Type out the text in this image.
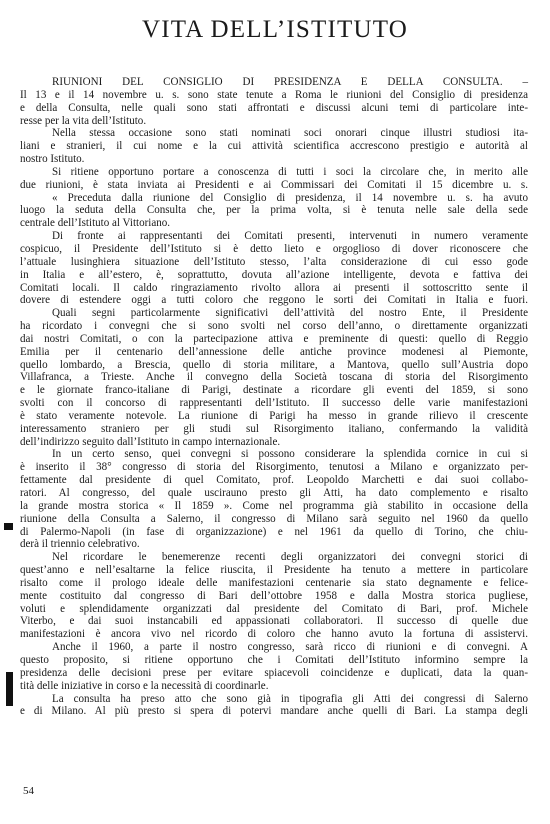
VITA DELL’ISTITUTO
RIUNIONI DEL CONSIGLIO DI PRESIDENZA E DELLA CONSULTA. –
Il 13 e il 14 novembre u. s. sono state tenute a Roma le riunioni del Consiglio di presidenza
e della Consulta, nelle quali sono stati affrontati e discussi alcuni temi di particolare inte-
resse per la vita dell’Istituto.
Nella stessa occasione sono stati nominati soci onorari cinque illustri studiosi ita-
liani e stranieri, il cui nome e la cui attività scientifica accrescono prestigio e autorità al
nostro Istituto.
Si ritiene opportuno portare a conoscenza di tutti i soci la circolare che, in merito alle
due riunioni, è stata inviata ai Presidenti e ai Commissari dei Comitati il 15 dicembre u. s.
« Preceduta dalla riunione del Consiglio di presidenza, il 14 novembre u. s. ha avuto
luogo la seduta della Consulta che, per la prima volta, si è tenuta nelle sale della sede
centrale dell’Istituto al Vittoriano.
Di fronte ai rappresentanti dei Comitati presenti, intervenuti in numero veramente
cospicuo, il Presidente dell’Istituto si è detto lieto e orgoglioso di dover riconoscere che
l’attuale lusinghiera situazione dell’Istituto stesso, l’alta considerazione di cui esso gode
in Italia e all’estero, è, soprattutto, dovuta all’azione intelligente, devota e fattiva dei
Comitati locali. Il caldo ringraziamento rivolto allora ai presenti il sottoscritto sente il
dovere di estendere oggi a tutti coloro che reggono le sorti dei Comitati in Italia e fuori.
Quali segni particolarmente significativi dell’attività del nostro Ente, il Presidente
ha ricordato i convegni che si sono svolti nel corso dell’anno, o direttamente organizzati
dai nostri Comitati, o con la partecipazione attiva e preminente di questi: quello di Reggio
Emilia per il centenario dell’annessione delle antiche province modenesi al Piemonte,
quello lombardo, a Brescia, quello di storia militare, a Mantova, quello sull’Austria dopo
Villafranca, a Trieste. Anche il convegno della Società toscana di storia del Risorgimento
e le giornate franco-italiane di Parigi, destinate a ricordare gli eventi del 1859, si sono
svolti con il concorso di rappresentanti dell’Istituto. Il successo delle varie manifestazioni
è stato veramente notevole. La riunione di Parigi ha messo in grande rilievo il crescente
interessamento straniero per gli studi sul Risorgimento italiano, confermando la validità
dell’indirizzo seguito dall’Istituto in campo internazionale.
In un certo senso, quei convegni si possono considerare la splendida cornice in cui si
è inserito il 38° congresso di storia del Risorgimento, tenutosi a Milano e organizzato per-
fettamente dal presidente di quel Comitato, prof. Leopoldo Marchetti e dai suoi collabo-
ratori. Al congresso, del quale uscirauno presto gli Atti, ha dato complemento e risalto
la grande mostra storica « Il 1859 ». Come nel programma già stabilito in occasione della
riunione della Consulta a Salerno, il congresso di Milano sarà seguito nel 1960 da quello
di Palermo-Napoli (in fase di organizzazione) e nel 1961 da quello di Torino, che chiu-
derà il triennio celebrativo.
Nel ricordare le benemerenze recenti degli organizzatori dei convegni storici di
quest’anno e nell’esaltarne la felice riuscita, il Presidente ha tenuto a mettere in particolare
risalto come il prologo ideale delle manifestazioni centenarie sia stato degnamente e felice-
mente costituito dal congresso di Bari dell’ottobre 1958 e dalla Mostra storica pugliese,
voluti e splendidamente organizzati dal presidente del Comitato di Bari, prof. Michele
Viterbo, e dai suoi instancabili ed appassionati collaboratori. Il successo di quelle due
manifestazioni è ancora vivo nel ricordo di coloro che hanno avuto la fortuna di assistervi.
Anche il 1960, a parte il nostro congresso, sarà ricco di riunioni e di convegni. A
questo proposito, si ritiene opportuno che i Comitati dell’Istituto informino sempre la
presidenza delle decisioni prese per evitare spiacevoli coincidenze e duplicati, data la quan-
tità delle iniziative in corso e la necessità di coordinarle.
La consulta ha preso atto che sono già in tipografia gli Atti dei congressi di Salerno
e di Milano. Al più presto si spera di potervi mandare anche quelli di Bari. La stampa degli
54
